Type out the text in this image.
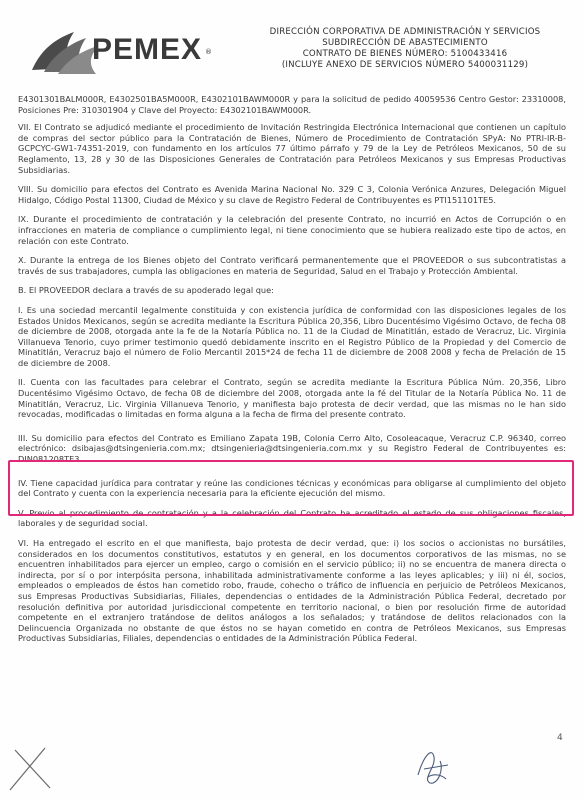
PEMEX ®
DIRECCIÓN CORPORATIVA DE ADMINISTRACIÓN Y SERVICIOS
SUBDIRECCIÓN DE ABASTECIMIENTO
CONTRATO DE BIENES NÚMERO: 5100433416
(INCLUYE ANEXO DE SERVICIOS NÚMERO 5400031129)

E4301301BALM000R, E4302501BA5M000R, E4302101BAWM000R y para la solicitud de pedido 40059536 Centro Gestor: 23310008, Posiciones Pre: 310301904 y Clave del Proyecto: E4302101BAWM000R.

VII. El Contrato se adjudicó mediante el procedimiento de Invitación Restringida Electrónica Internacional que contienen un capítulo de compras del sector público para la Contratación de Bienes, Número de Procedimiento de Contratación SPyA: No PTRI-IR-B-GCPCYC-GW1-74351-2019, con fundamento en los artículos 77 último párrafo y 79 de la Ley de Petróleos Mexicanos, 50 de su Reglamento, 13, 28 y 30 de las Disposiciones Generales de Contratación para Petróleos Mexicanos y sus Empresas Productivas Subsidiarias.

VIII. Su domicilio para efectos del Contrato es Avenida Marina Nacional No. 329 C 3, Colonia Verónica Anzures, Delegación Miguel Hidalgo, Código Postal 11300, Ciudad de México y su clave de Registro Federal de Contribuyentes es PTI151101TE5.

IX. Durante el procedimiento de contratación y la celebración del presente Contrato, no incurrió en Actos de Corrupción o en infracciones en materia de compliance o cumplimiento legal, ni tiene conocimiento que se hubiera realizado este tipo de actos, en relación con este Contrato.

X. Durante la entrega de los Bienes objeto del Contrato verificará permanentemente que el PROVEEDOR o sus subcontratistas a través de sus trabajadores, cumpla las obligaciones en materia de Seguridad, Salud en el Trabajo y Protección Ambiental.

B. El PROVEEDOR declara a través de su apoderado legal que:

I. Es una sociedad mercantil legalmente constituida y con existencia jurídica de conformidad con las disposiciones legales de los Estados Unidos Mexicanos, según se acredita mediante la Escritura Pública 20,356, Libro Ducentésimo Vigésimo Octavo, de fecha 08 de diciembre de 2008, otorgada ante la fe de la Notaría Pública no. 11 de la Ciudad de Minatitlán, estado de Veracruz, Lic. Virginia Villanueva Tenorio, cuyo primer testimonio quedó debidamente inscrito en el Registro Público de la Propiedad y del Comercio de Minatitlán, Veracruz bajo el número de Folio Mercantil 2015*24 de fecha 11 de diciembre de 2008 2008 y fecha de Prelación de 15 de diciembre de 2008.

II. Cuenta con las facultades para celebrar el Contrato, según se acredita mediante la Escritura Pública Núm. 20,356, Libro Ducentésimo Vigésimo Octavo, de fecha 08 de diciembre del 2008, otorgada ante la fé del Titular de la Notaría Pública No. 11 de Minatitlán, Veracruz, Lic. Virginia Villanueva Tenorio, y manifiesta bajo protesta de decir verdad, que las mismas no le han sido revocadas, modificadas o limitadas en forma alguna a la fecha de firma del presente contrato.

III. Su domicilio para efectos del Contrato es Emiliano Zapata 19B, Colonia Cerro Alto, Cosoleacaque, Veracruz C.P. 96340, correo electrónico: dsibajas@dtsingenieria.com.mx; dtsingenieria@dtsingenieria.com.mx y su Registro Federal de Contribuyentes es: DIN081208TE3.

IV. Tiene capacidad jurídica para contratar y reúne las condiciones técnicas y económicas para obligarse al cumplimiento del objeto del Contrato y cuenta con la experiencia necesaria para la eficiente ejecución del mismo.

V. Previo al procedimiento de contratación y a la celebración del Contrato ha acreditado el estado de sus obligaciones fiscales, laborales y de seguridad social.

VI. Ha entregado el escrito en el que manifiesta, bajo protesta de decir verdad, que: i) los socios o accionistas no bursátiles, considerados en los documentos constitutivos, estatutos y en general, en los documentos corporativos de las mismas, no se encuentren inhabilitados para ejercer un empleo, cargo o comisión en el servicio público; ii) no se encuentra de manera directa o indirecta, por sí o por interpósita persona, inhabilitada administrativamente conforme a las leyes aplicables; y iii) ni él, socios, empleados o empleados de éstos han cometido robo, fraude, cohecho o tráfico de influencia en perjuicio de Petróleos Mexicanos, sus Empresas Productivas Subsidiarias, Filiales, dependencias o entidades de la Administración Pública Federal, decretado por resolución definitiva por autoridad jurisdiccional competente en territorio nacional, o bien por resolución firme de autoridad competente en el extranjero tratándose de delitos análogos a los señalados; y tratándose de delitos relacionados con la Delincuencia Organizada no obstante de que éstos no se hayan cometido en contra de Petróleos Mexicanos, sus Empresas Productivas Subsidiarias, Filiales, dependencias o entidades de la Administración Pública Federal.

4
